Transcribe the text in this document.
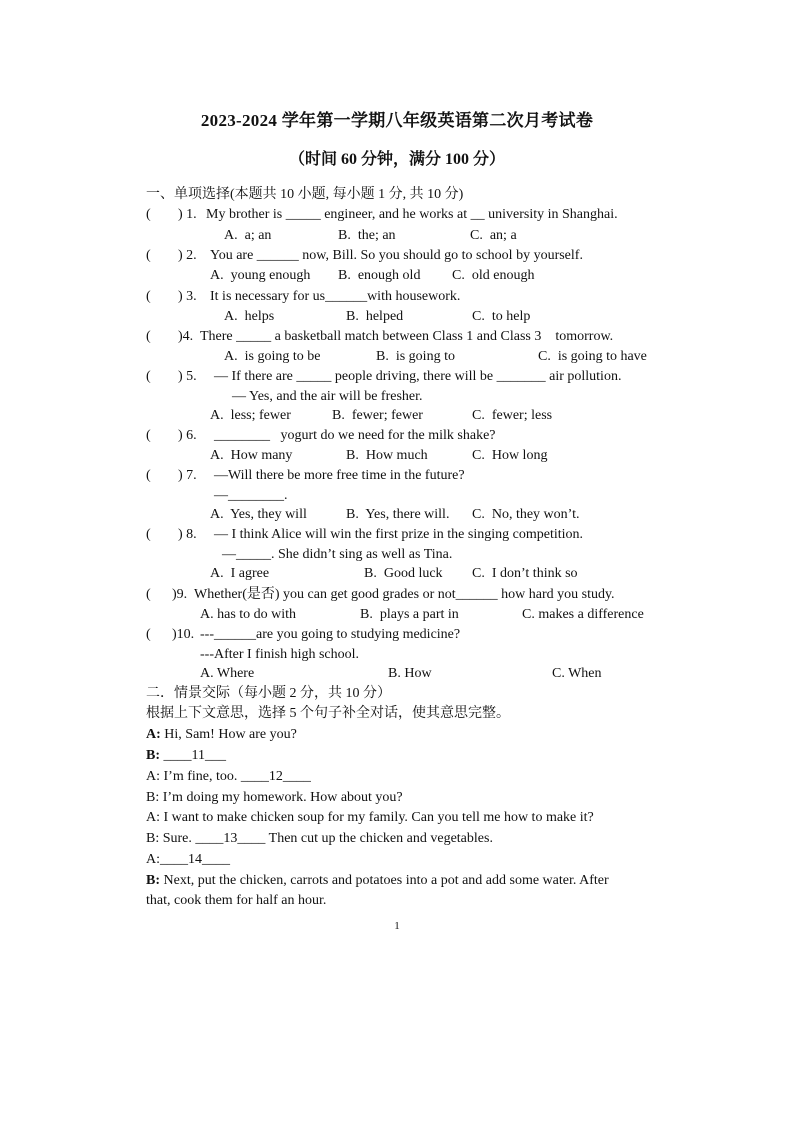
2023-2024 学年第一学期八年级英语第二次月考试卷
（时间 60 分钟，满分 100 分）
一、单项选择(本题共 10 小题, 每小题 1 分, 共 10 分)
( ) 1. My brother is _____ engineer, and he works at __ university in Shanghai.
A.  a; an	B.  the; an	C.  an; a
( ) 2. You are ______ now, Bill. So you should go to school by yourself.
A.  young enough B.  enough old C.  old enough
( ) 3. It is necessary for us______with housework.
A.  helps	B.  helped	C.  to help
( )4. There _____ a basketball match between Class 1 and Class 3    tomorrow.
A.  is going to be	B.  is going to	C.  is going to have
( ) 5. — If there are _____ people driving, there will be _______ air pollution.
— Yes, and the air will be fresher.
A.  less; fewer	B.  fewer; fewer	C.  fewer; less
( ) 6. ________   yogurt do we need for the milk shake?
A.  How many	B.  How much	C.  How long
( ) 7. —Will there be more free time in the future?
—________.
A.  Yes, they will	B.  Yes, there will. C.  No, they won’t.
( ) 8. — I think Alice will win the first prize in the singing competition.
—_____. She didn’t sing as well as Tina.
A.  I agree	B.  Good luck C.  I don’t think so
( )9. Whether(是否) you can get good grades or not______ how hard you study.
A. has to do with	B.  plays a part in	C. makes a difference
( )10. ---______are you going to studying medicine?
---After I finish high school.
A. Where	B. How	C. When
二．情景交际（每小题 2 分，共 10 分）
根据上下文意思，选择 5 个句子补全对话，使其意思完整。
A: Hi, Sam! How are you?
B: ____11___
A: I’m fine, too. ____12____
B: I’m doing my homework. How about you?
A: I want to make chicken soup for my family. Can you tell me how to make it?
B: Sure. ____13____ Then cut up the chicken and vegetables.
A:____14____
B: Next, put the chicken, carrots and potatoes into a pot and add some water. After
that, cook them for half an hour.
1
